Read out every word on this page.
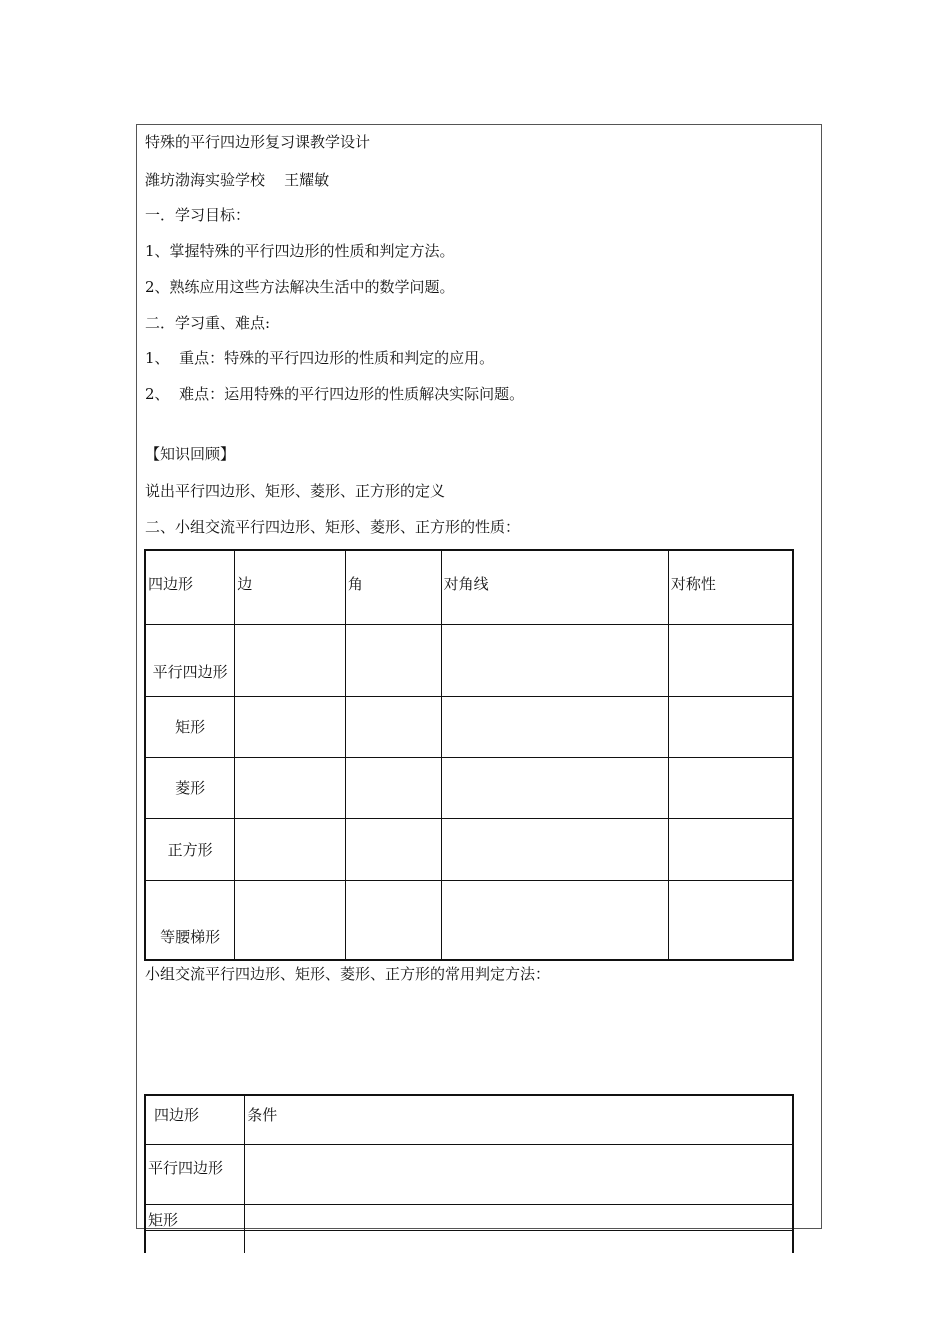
特殊的平行四边形复习课教学设计
潍坊渤海实验学校    王耀敏
一．学习目标：
1、掌握特殊的平行四边形的性质和判定方法。
2、熟练应用这些方法解决生活中的数学问题。
二．学习重、难点:
1、  重点：特殊的平行四边形的性质和判定的应用。
2、  难点：运用特殊的平行四边形的性质解决实际问题。
【知识回顾】
说出平行四边形、矩形、菱形、正方形的定义
二、小组交流平行四边形、矩形、菱形、正方形的性质：
四边形	边	角	对角线	对称性
平行四边形				
矩形				
菱形				
正方形				
等腰梯形				
小组交流平行四边形、矩形、菱形、正方形的常用判定方法：
四边形	条件
平行四边形	
矩形	
